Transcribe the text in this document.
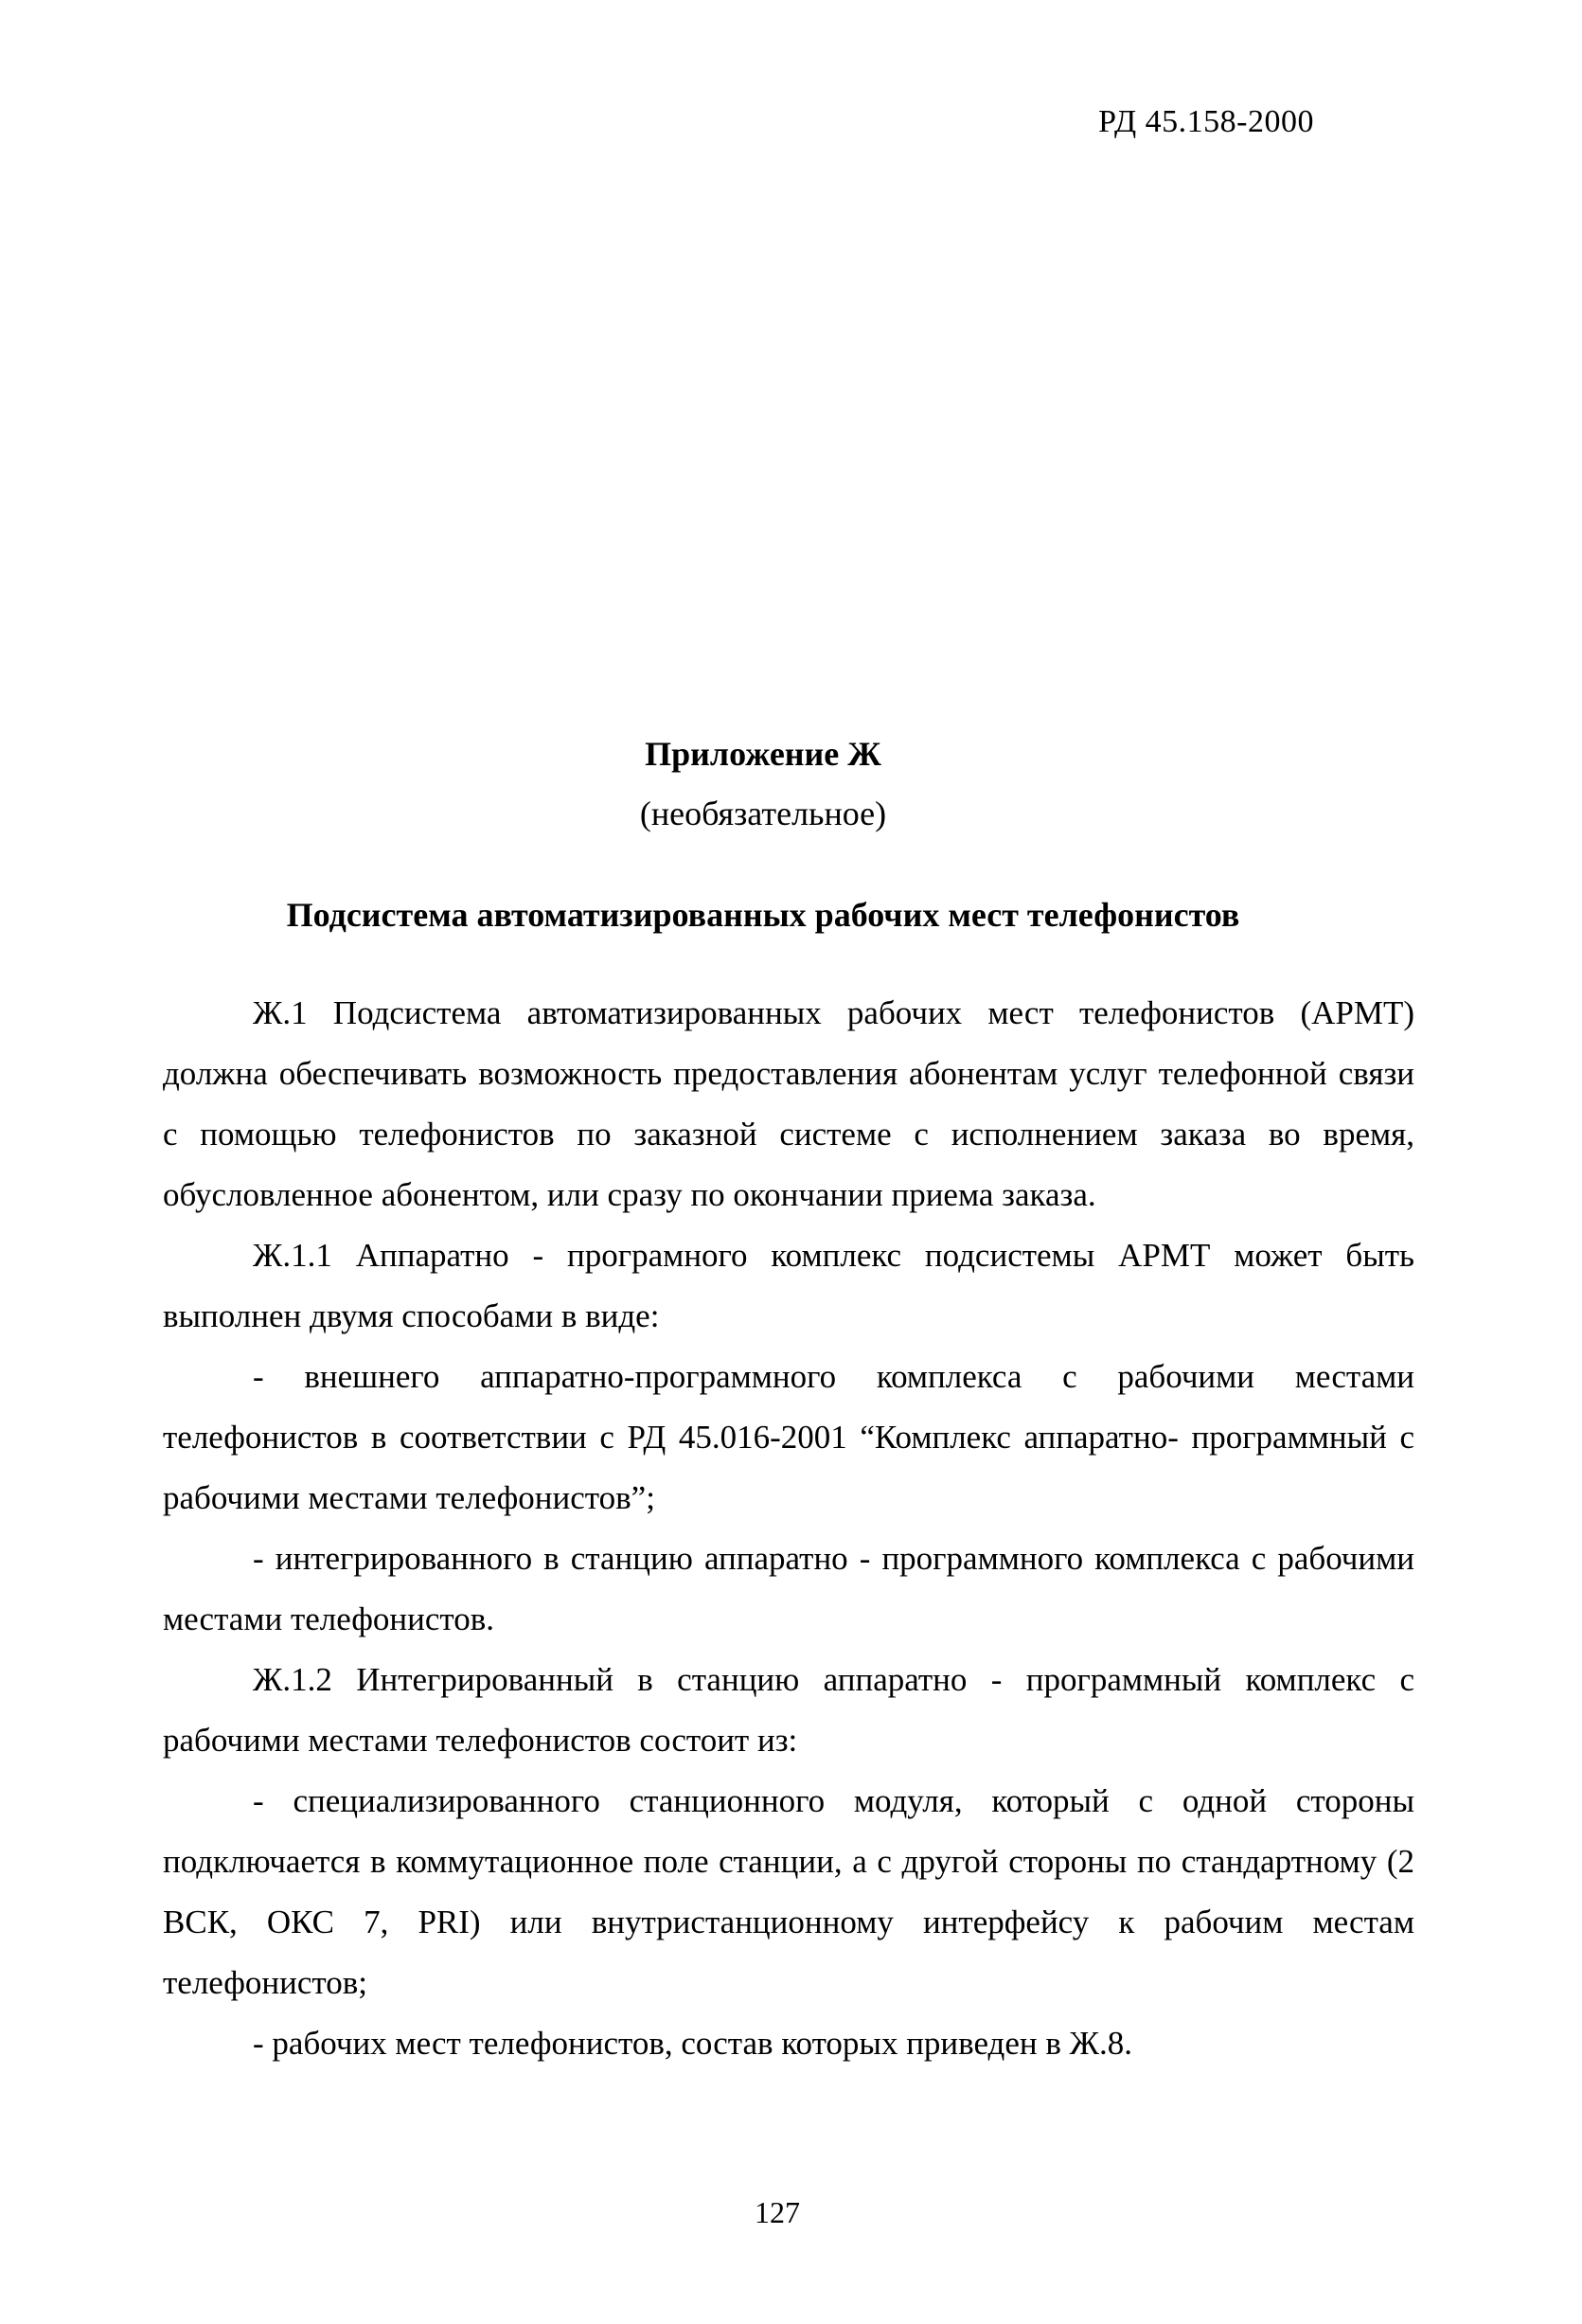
РД 45.158-2000
Приложение Ж
(необязательное)
Подсистема автоматизированных рабочих мест телефонистов

Ж.1 Подсистема автоматизированных рабочих мест телефонистов (АРМТ) должна обеспечивать возможность предоставления абонентам услуг телефонной связи с помощью телефонистов по заказной системе с исполнением заказа во время, обусловленное абонентом, или сразу по окончании приема заказа.

Ж.1.1 Аппаратно - програмного комплекс подсистемы АРМТ может быть выполнен двумя способами в виде:

- внешнего аппаратно-программного комплекса с рабочими местами телефонистов в соответствии с РД 45.016-2001 “Комплекс аппаратно- программный с рабочими местами телефонистов”;

- интегрированного в станцию аппаратно - программного комплекса с рабочими местами телефонистов.

Ж.1.2 Интегрированный в станцию аппаратно - программный комплекс с рабочими местами телефонистов состоит из:

- специализированного станционного модуля, который с одной стороны подключается в коммутационное поле станции, а с другой стороны по стандартному (2 ВСК, ОКС 7, PRI) или внутристанционному интерфейсу к рабочим местам телефонистов;

- рабочих мест телефонистов, состав которых приведен в Ж.8.

127
